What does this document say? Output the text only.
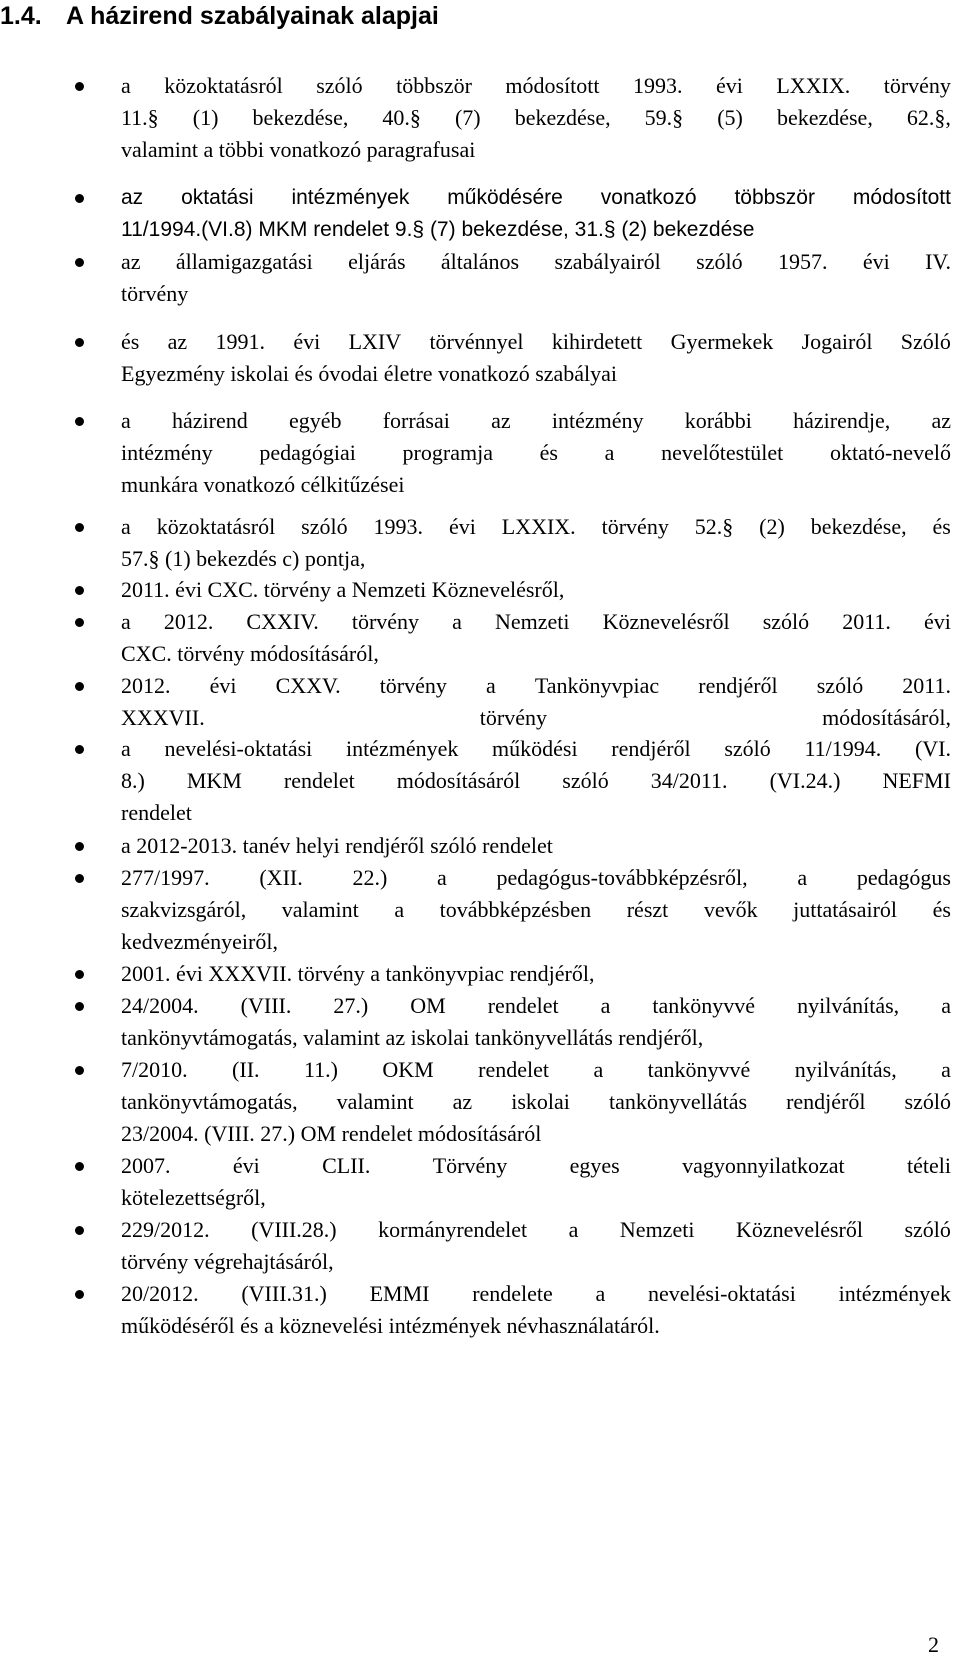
1.4. A házirend szabályainak alapjai
a közoktatásról szóló többször módosított 1993. évi LXXIX. törvény
11.§ (1) bekezdése, 40.§ (7) bekezdése, 59.§ (5) bekezdése, 62.§,
valamint a többi vonatkozó paragrafusai
az oktatási intézmények működésére vonatkozó többször módosított
11/1994.(VI.8) MKM rendelet 9.§ (7) bekezdése, 31.§ (2) bekezdése
az államigazgatási eljárás általános szabályairól szóló 1957. évi IV.
törvény
és az 1991. évi LXIV törvénnyel kihirdetett Gyermekek Jogairól Szóló
Egyezmény iskolai és óvodai életre vonatkozó szabályai
a házirend egyéb forrásai az intézmény korábbi házirendje, az
intézmény pedagógiai programja és a nevelőtestület oktató-nevelő
munkára vonatkozó célkitűzései
a közoktatásról szóló 1993. évi LXXIX. törvény 52.§ (2) bekezdése, és
57.§ (1) bekezdés c) pontja,
2011. évi CXC. törvény a Nemzeti Köznevelésről,
a 2012. CXXIV. törvény a Nemzeti Köznevelésről szóló 2011. évi
CXC. törvény módosításáról,
2012. évi CXXV. törvény a Tankönyvpiac rendjéről szóló 2011.
XXXVII.	törvény	módosításáról,
a nevelési-oktatási intézmények működési rendjéről szóló 11/1994. (VI.
8.) MKM rendelet módosításáról szóló 34/2011. (VI.24.) NEFMI
rendelet
a 2012-2013. tanév helyi rendjéről szóló rendelet
277/1997. (XII. 22.) a pedagógus-továbbképzésről, a pedagógus
szakvizsgáról, valamint a továbbképzésben részt vevők juttatásairól és
kedvezményeiről,
2001. évi XXXVII. törvény a tankönyvpiac rendjéről,
24/2004. (VIII. 27.) OM rendelet a tankönyvvé nyilvánítás, a
tankönyvtámogatás, valamint az iskolai tankönyvellátás rendjéről,
7/2010. (II. 11.) OKM rendelet a tankönyvvé nyilvánítás, a
tankönyvtámogatás, valamint az iskolai tankönyvellátás rendjéről szóló
23/2004. (VIII. 27.) OM rendelet módosításáról
2007.	évi	CLII.	Törvény	egyes	vagyonnyilatkozat	tételi
kötelezettségről,
229/2012. (VIII.28.) kormányrendelet a Nemzeti Köznevelésről szóló
törvény végrehajtásáról,
20/2012. (VIII.31.) EMMI rendelete a nevelési-oktatási intézmények
működéséről és a köznevelési intézmények névhasználatáról.
2
